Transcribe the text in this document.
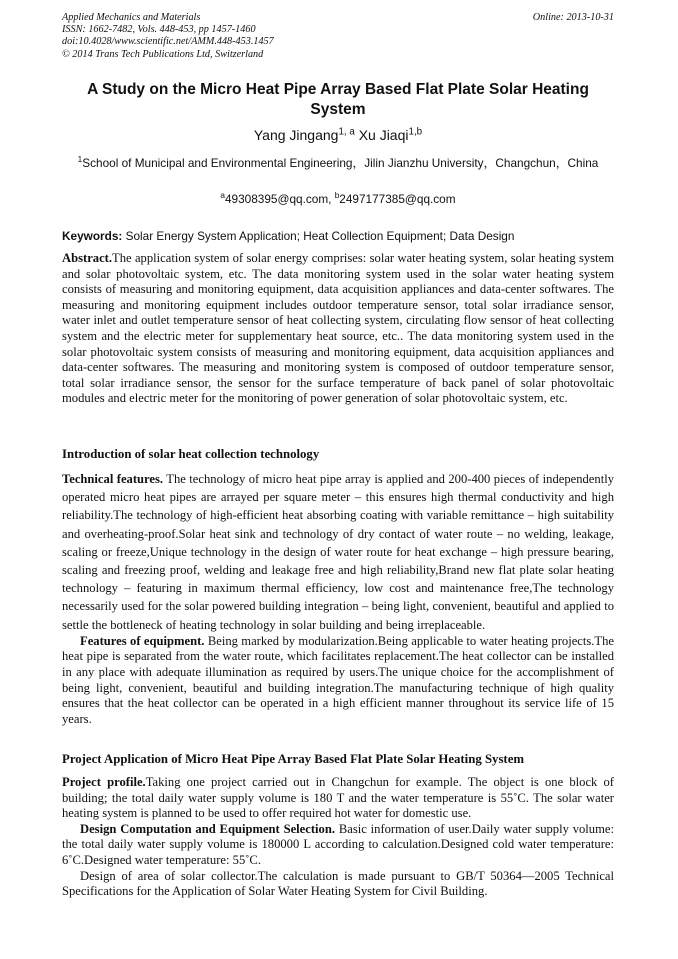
Applied Mechanics and Materials
ISSN: 1662-7482, Vols. 448-453, pp 1457-1460
doi:10.4028/www.scientific.net/AMM.448-453.1457
© 2014 Trans Tech Publications Ltd, Switzerland
Online: 2013-10-31
A Study on the Micro Heat Pipe Array Based Flat Plate Solar Heating System
Yang Jingang$^{1, a}$ Xu Jiaqi$^{1,b}$
$^1$School of Municipal and Environmental Engineering，Jilin Jianzhu University，Changchun，China
$^a$49308395@qq.com, $^b$2497177385@qq.com
Keywords: Solar Energy System Application; Heat Collection Equipment; Data Design

Abstract.The application system of solar energy comprises: solar water heating system, solar heating system and solar photovoltaic system, etc. The data monitoring system used in the solar water heating system consists of measuring and monitoring equipment, data acquisition appliances and data-center softwares. The measuring and monitoring equipment includes outdoor temperature sensor, total solar irradiance sensor, water inlet and outlet temperature sensor of heat collecting system, circulating flow sensor of heat collecting system and the electric meter for supplementary heat source, etc.. The data monitoring system used in the solar photovoltaic system consists of measuring and monitoring equipment, data acquisition appliances and data-center softwares. The measuring and monitoring system is composed of outdoor temperature sensor, total solar irradiance sensor, the sensor for the surface temperature of back panel of solar photovoltaic modules and electric meter for the monitoring of power generation of solar photovoltaic system, etc.

Introduction of solar heat collection technology

Technical features. The technology of micro heat pipe array is applied and 200-400 pieces of independently operated micro heat pipes are arrayed per square meter – this ensures high thermal conductivity and high reliability.The technology of high-efficient heat absorbing coating with variable remittance – high suitability and overheating-proof.Solar heat sink and technology of dry contact of water route – no welding, leakage, scaling or freeze,Unique technology in the design of water route for heat exchange – high pressure bearing, scaling and freezing proof, welding and leakage free and high reliability,Brand new flat plate solar heating technology – featuring in maximum thermal efficiency, low cost and maintenance free,The technology necessarily used for the solar powered building integration – being light, convenient, beautiful and applied to settle the bottleneck of heating technology in solar building and being irreplaceable.

Features of equipment. Being marked by modularization.Being applicable to water heating projects.The heat pipe is separated from the water route, which facilitates replacement.The heat collector can be installed in any place with adequate illumination as required by users.The unique choice for the accomplishment of being light, convenient, beautiful and building integration.The manufacturing technique of high quality ensures that the heat collector can be operated in a high efficient manner throughout its service life of 15 years.

Project Application of Micro Heat Pipe Array Based Flat Plate Solar Heating System

Project profile.Taking one project carried out in Changchun for example. The object is one block of building; the total daily water supply volume is 180 T and the water temperature is 55˚C. The solar water heating system is planned to be used to offer required hot water for domestic use.

Design Computation and Equipment Selection. Basic information of user.Daily water supply volume: the total daily water supply volume is 180000 L according to calculation.Designed cold water temperature: 6˚C.Designed water temperature: 55˚C.

Design of area of solar collector.The calculation is made pursuant to GB/T 50364—2005 Technical Specifications for the Application of Solar Water Heating System for Civil Building.
